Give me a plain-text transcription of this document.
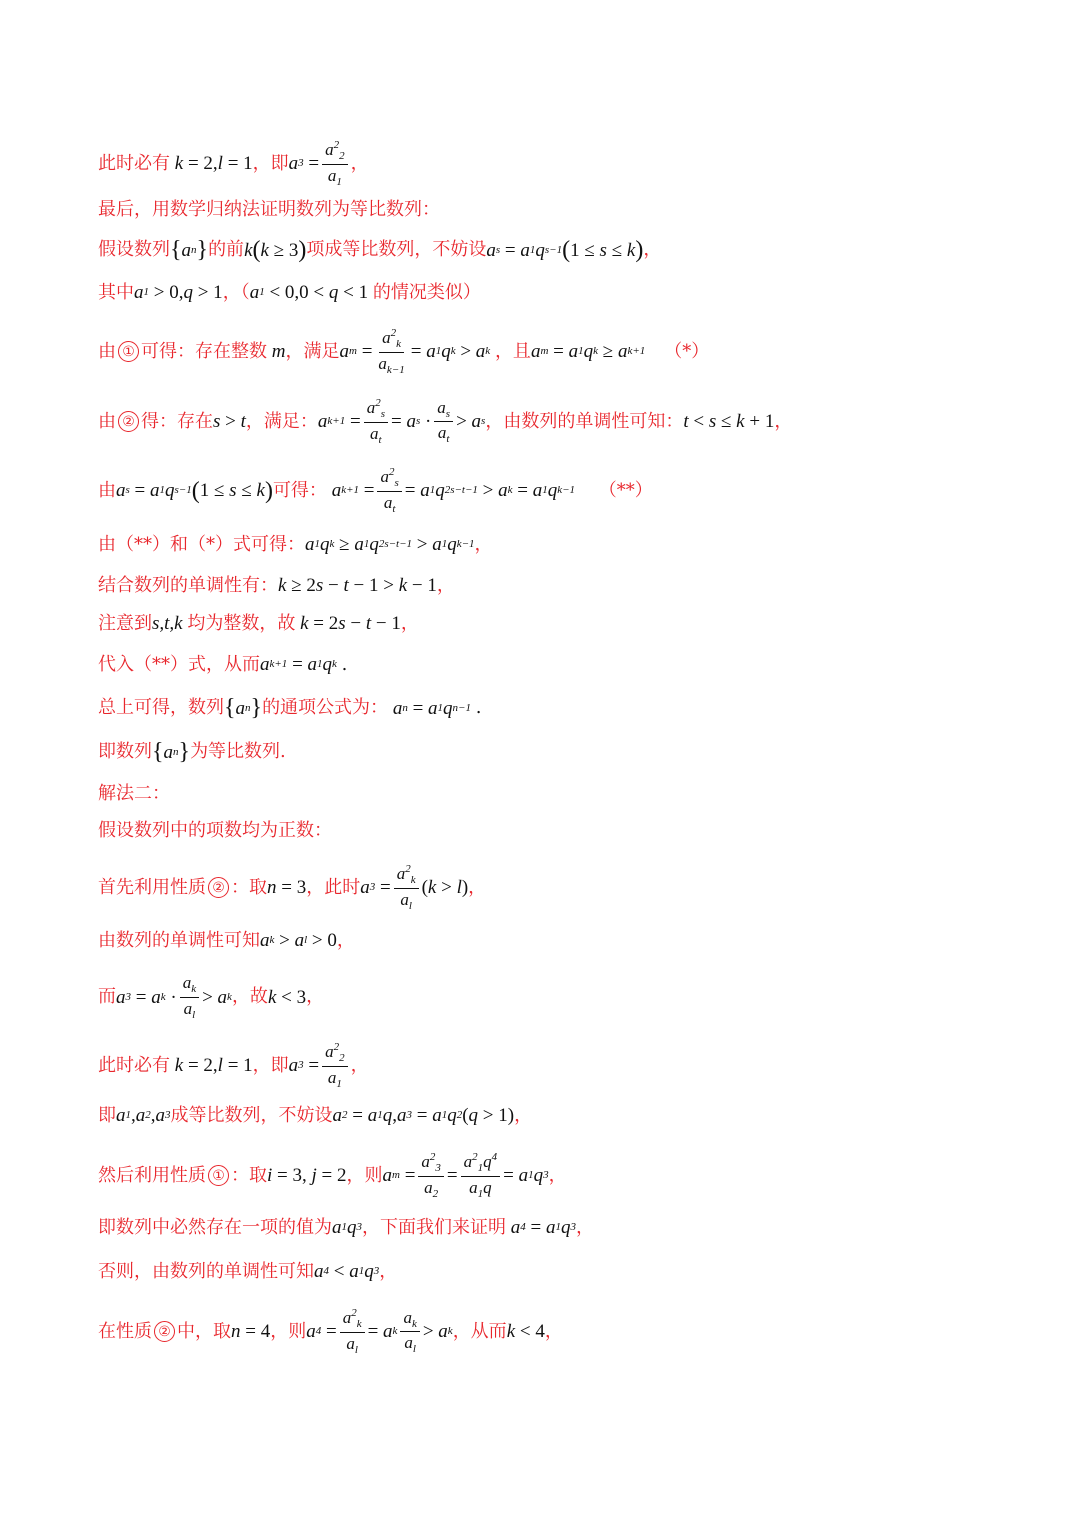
此时必有 k = 2, l = 1 ，即 a $3 = \frac{a^2_2}{a_1}$ ，
最后，用数学归纳法证明数列为等比数列：
假设数列 { a n } 的前 k ( k ≥ 3 ) 项成等比数列，不妨设 a s = a 1 q s−1 ( 1 ≤ s ≤ k ) ，
其中 a 1 > 0, q > 1 ，（ a 1 < 0,0 < q < 1 的情况类似）
由 ① 可得：存在整数 m ，满足 a $m = \frac{a^2_k}{a_{k-1}} = a$ 1 q k > a k
，且 a m = a 1 q k ≥ a k+1
（*）
由 ② 得：存在 s > t ，满足： a $k+1 = \frac{a^2_s}{a_t} = a$ $s \cdot \frac{a_s}{a_t} > a$ s ，由数列的单调性可知： t < s ≤ k + 1 ，
由 a s = a 1 q s−1 ( 1 ≤ s ≤ k ) 可得： a $k+1 = \frac{a^2_s}{a_t} = a$ 1 q 2s−t−1 > a k = a 1 q k−1
（**）
由（**）和（*）式可得： a 1 q k ≥ a 1 q 2s−t−1 > a 1 q k−1 ，
结合数列的单调性有： k ≥ 2 s − t − 1 > k − 1 ，
注意到 s,t,k 均为整数，故 k = 2 s − t − 1 ，
代入（**）式，从而 a k+1 = a 1 q k
.
总上可得，数列 { a n } 的通项公式为： a n = a 1 q n−1
.
即数列 { a n } 为等比数列.
解法二：
假设数列中的项数均为正数：
首先利用性质 ② ：取 n = 3 ，此时 a $3 = \frac{a^2_k}{a_l}$ ( k > l ) ，
由数列的单调性可知 a k > a l > 0 ，
而 a 3 = a $k \cdot \frac{a_k}{a_l} > a$ k ，故 k < 3 ，
此时必有 k = 2, l = 1 ，即 a $3 = \frac{a^2_2}{a_1}$ ，
即 a 1 , a 2 , a 3 成等比数列，不妨设 a 2 = a 1 q , a 3 = a 1 q 2 ( q > 1) ，
然后利用性质 ① ：取 i = 3, j = 2 ，则 a $m = \frac{a^2_3}{a_2} = \frac{a^2_1q^4}{a_1q} = a$ 1 q 3 ，
即数列中必然存在一项的值为 a 1 q 3 ，下面我们来证明 a 4 = a 1 q 3 ，
否则，由数列的单调性可知 a 4 < a 1 q 3 ，
在性质 ② 中，取 n = 4 ，则 a $4 = \frac{a^2_k}{a_l} = a$ k $\frac{a_k}{a_l} > a$ k ，从而 k < 4 ，
